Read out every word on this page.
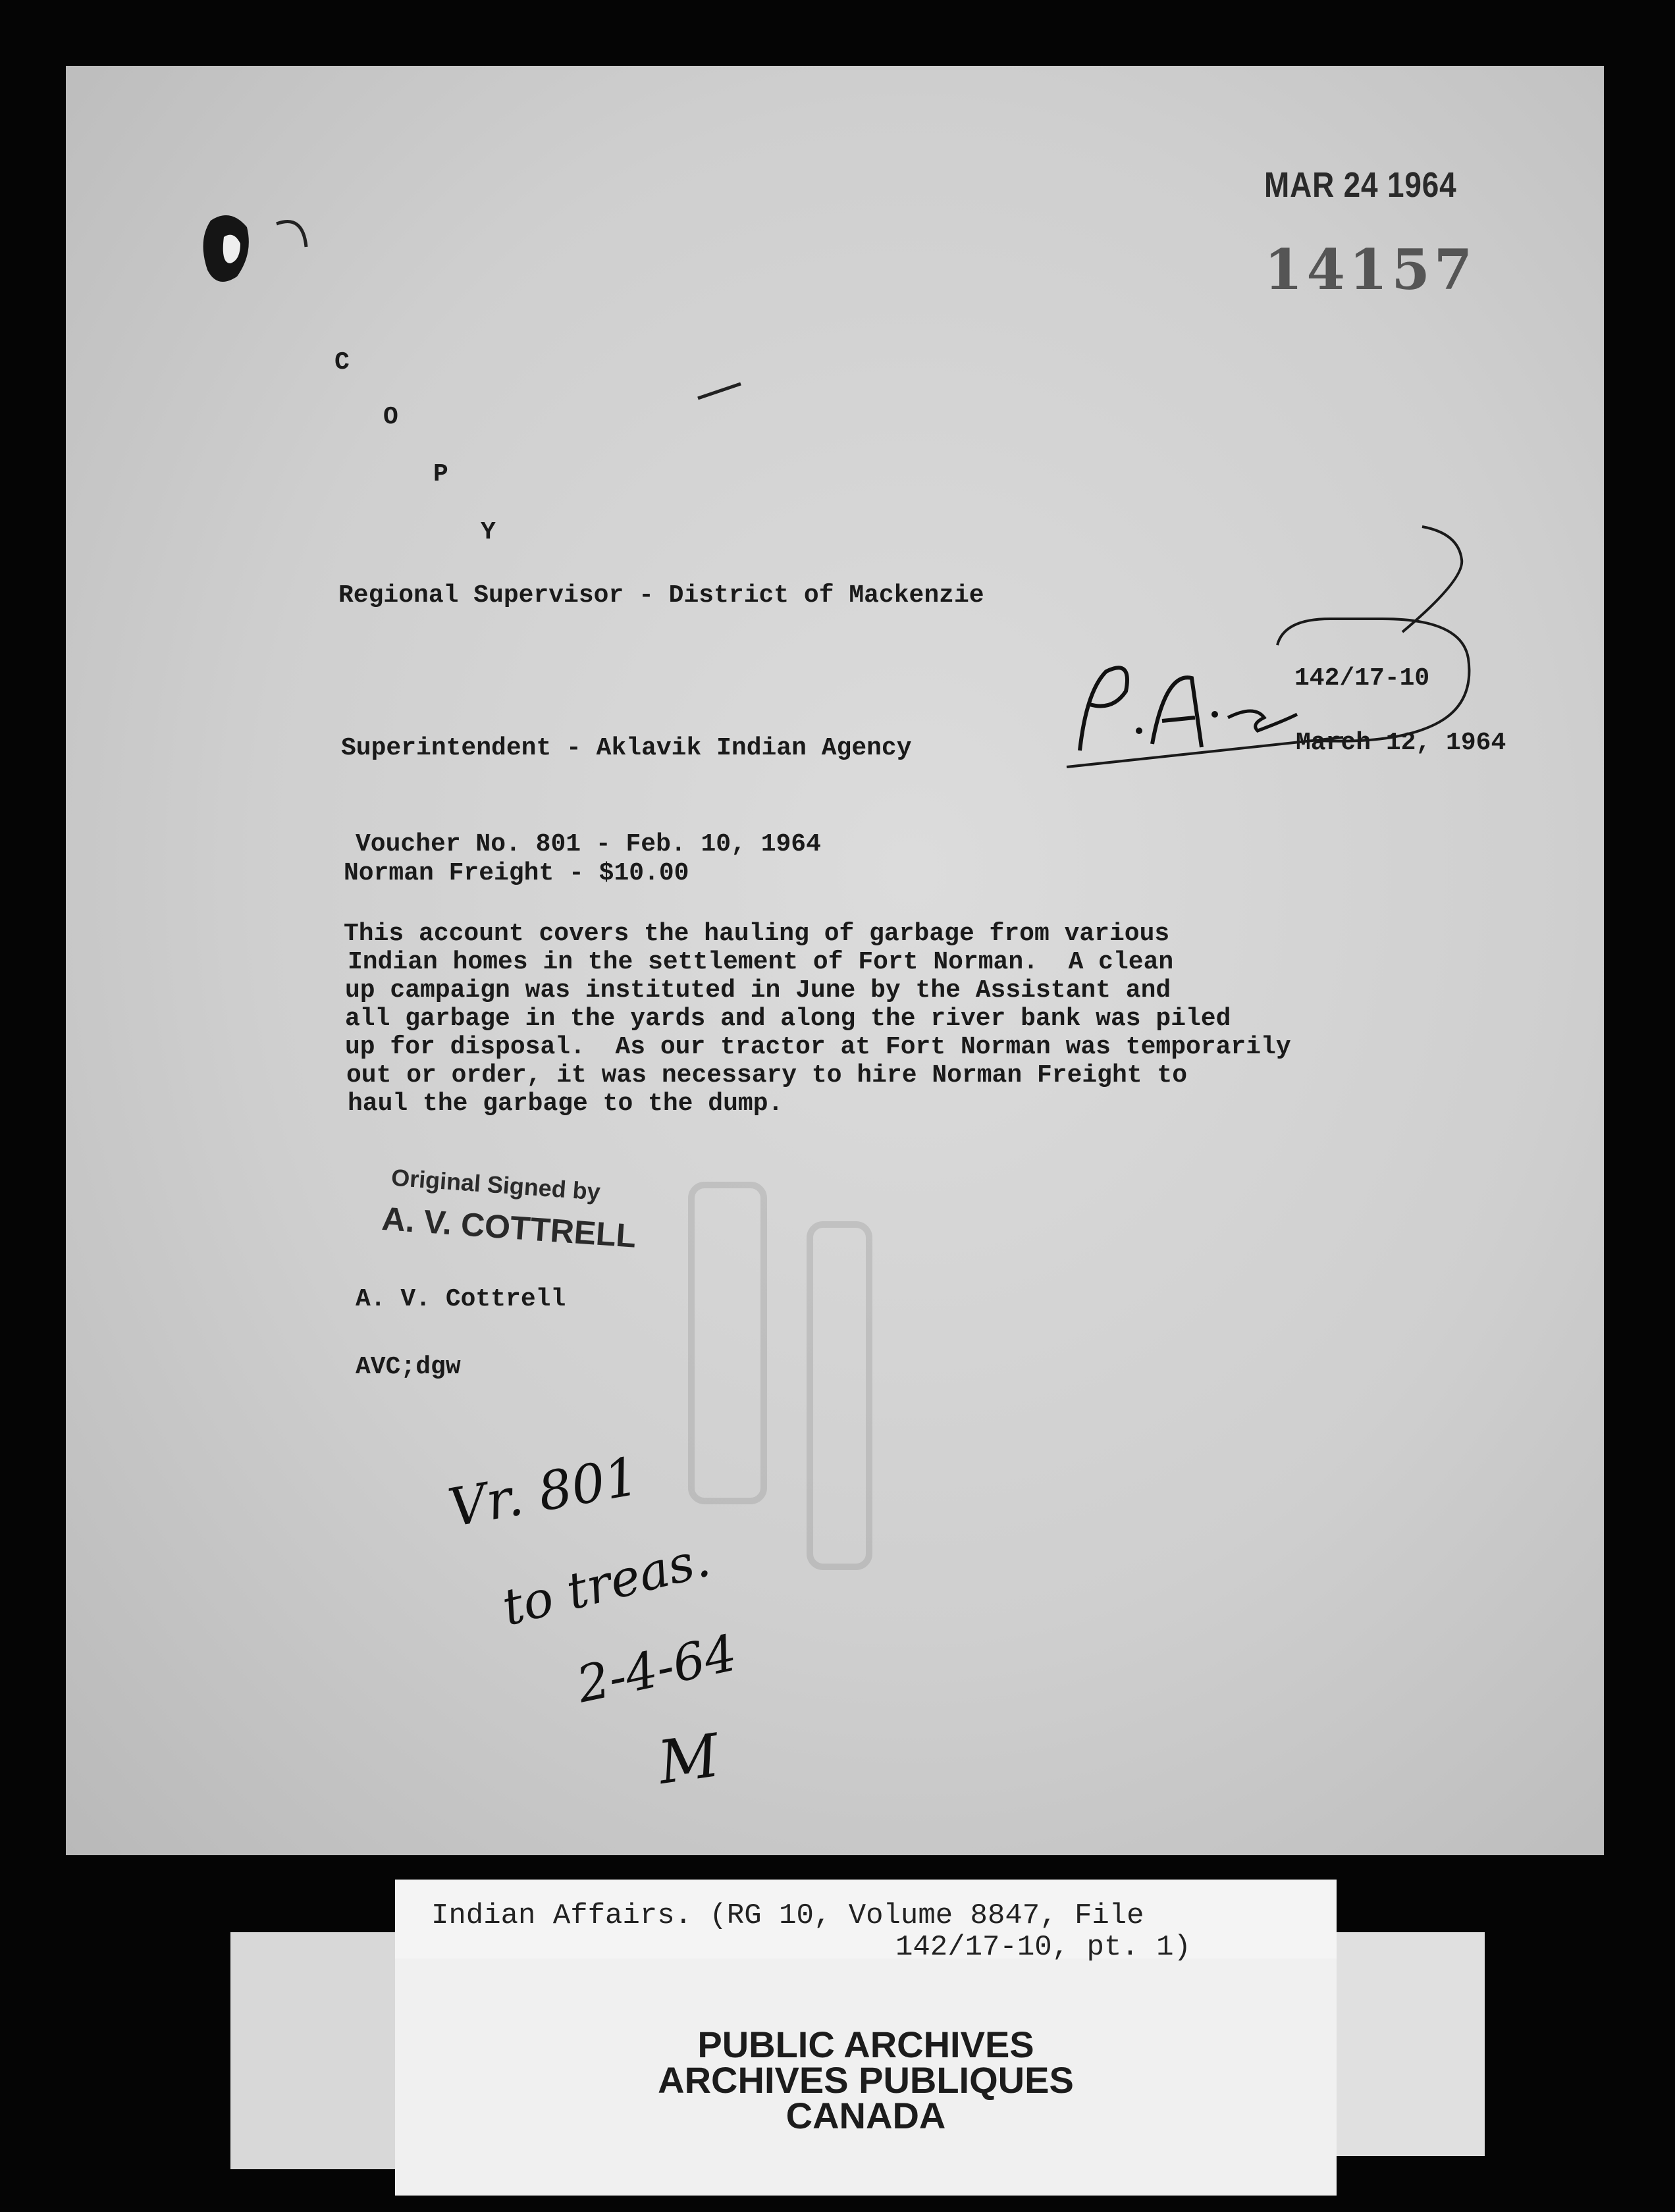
MAR 24 1964
14157
C
O
P
Y
Regional Supervisor - District of Mackenzie
P.A.
142/17-10
Superintendent - Aklavik Indian Agency	March 12, 1964
Voucher No. 801 - Feb. 10, 1964
Norman Freight - $10.00
This account covers the hauling of garbage from various
Indian homes in the settlement of Fort Norman.  A clean
up campaign was instituted in June by the Assistant and
all garbage in the yards and along the river bank was piled
up for disposal.  As our tractor at Fort Norman was temporarily
out or order, it was necessary to hire Norman Freight to
haul the garbage to the dump.
Original Signed by
A. V. COTTRELL
A. V. Cottrell
AVC;dgw
Vr. 801
to treas.
2-4-64
M
Indian Affairs. (RG 10, Volume 8847, File
142/17-10, pt. 1)
PUBLIC ARCHIVES
ARCHIVES PUBLIQUES
CANADA
